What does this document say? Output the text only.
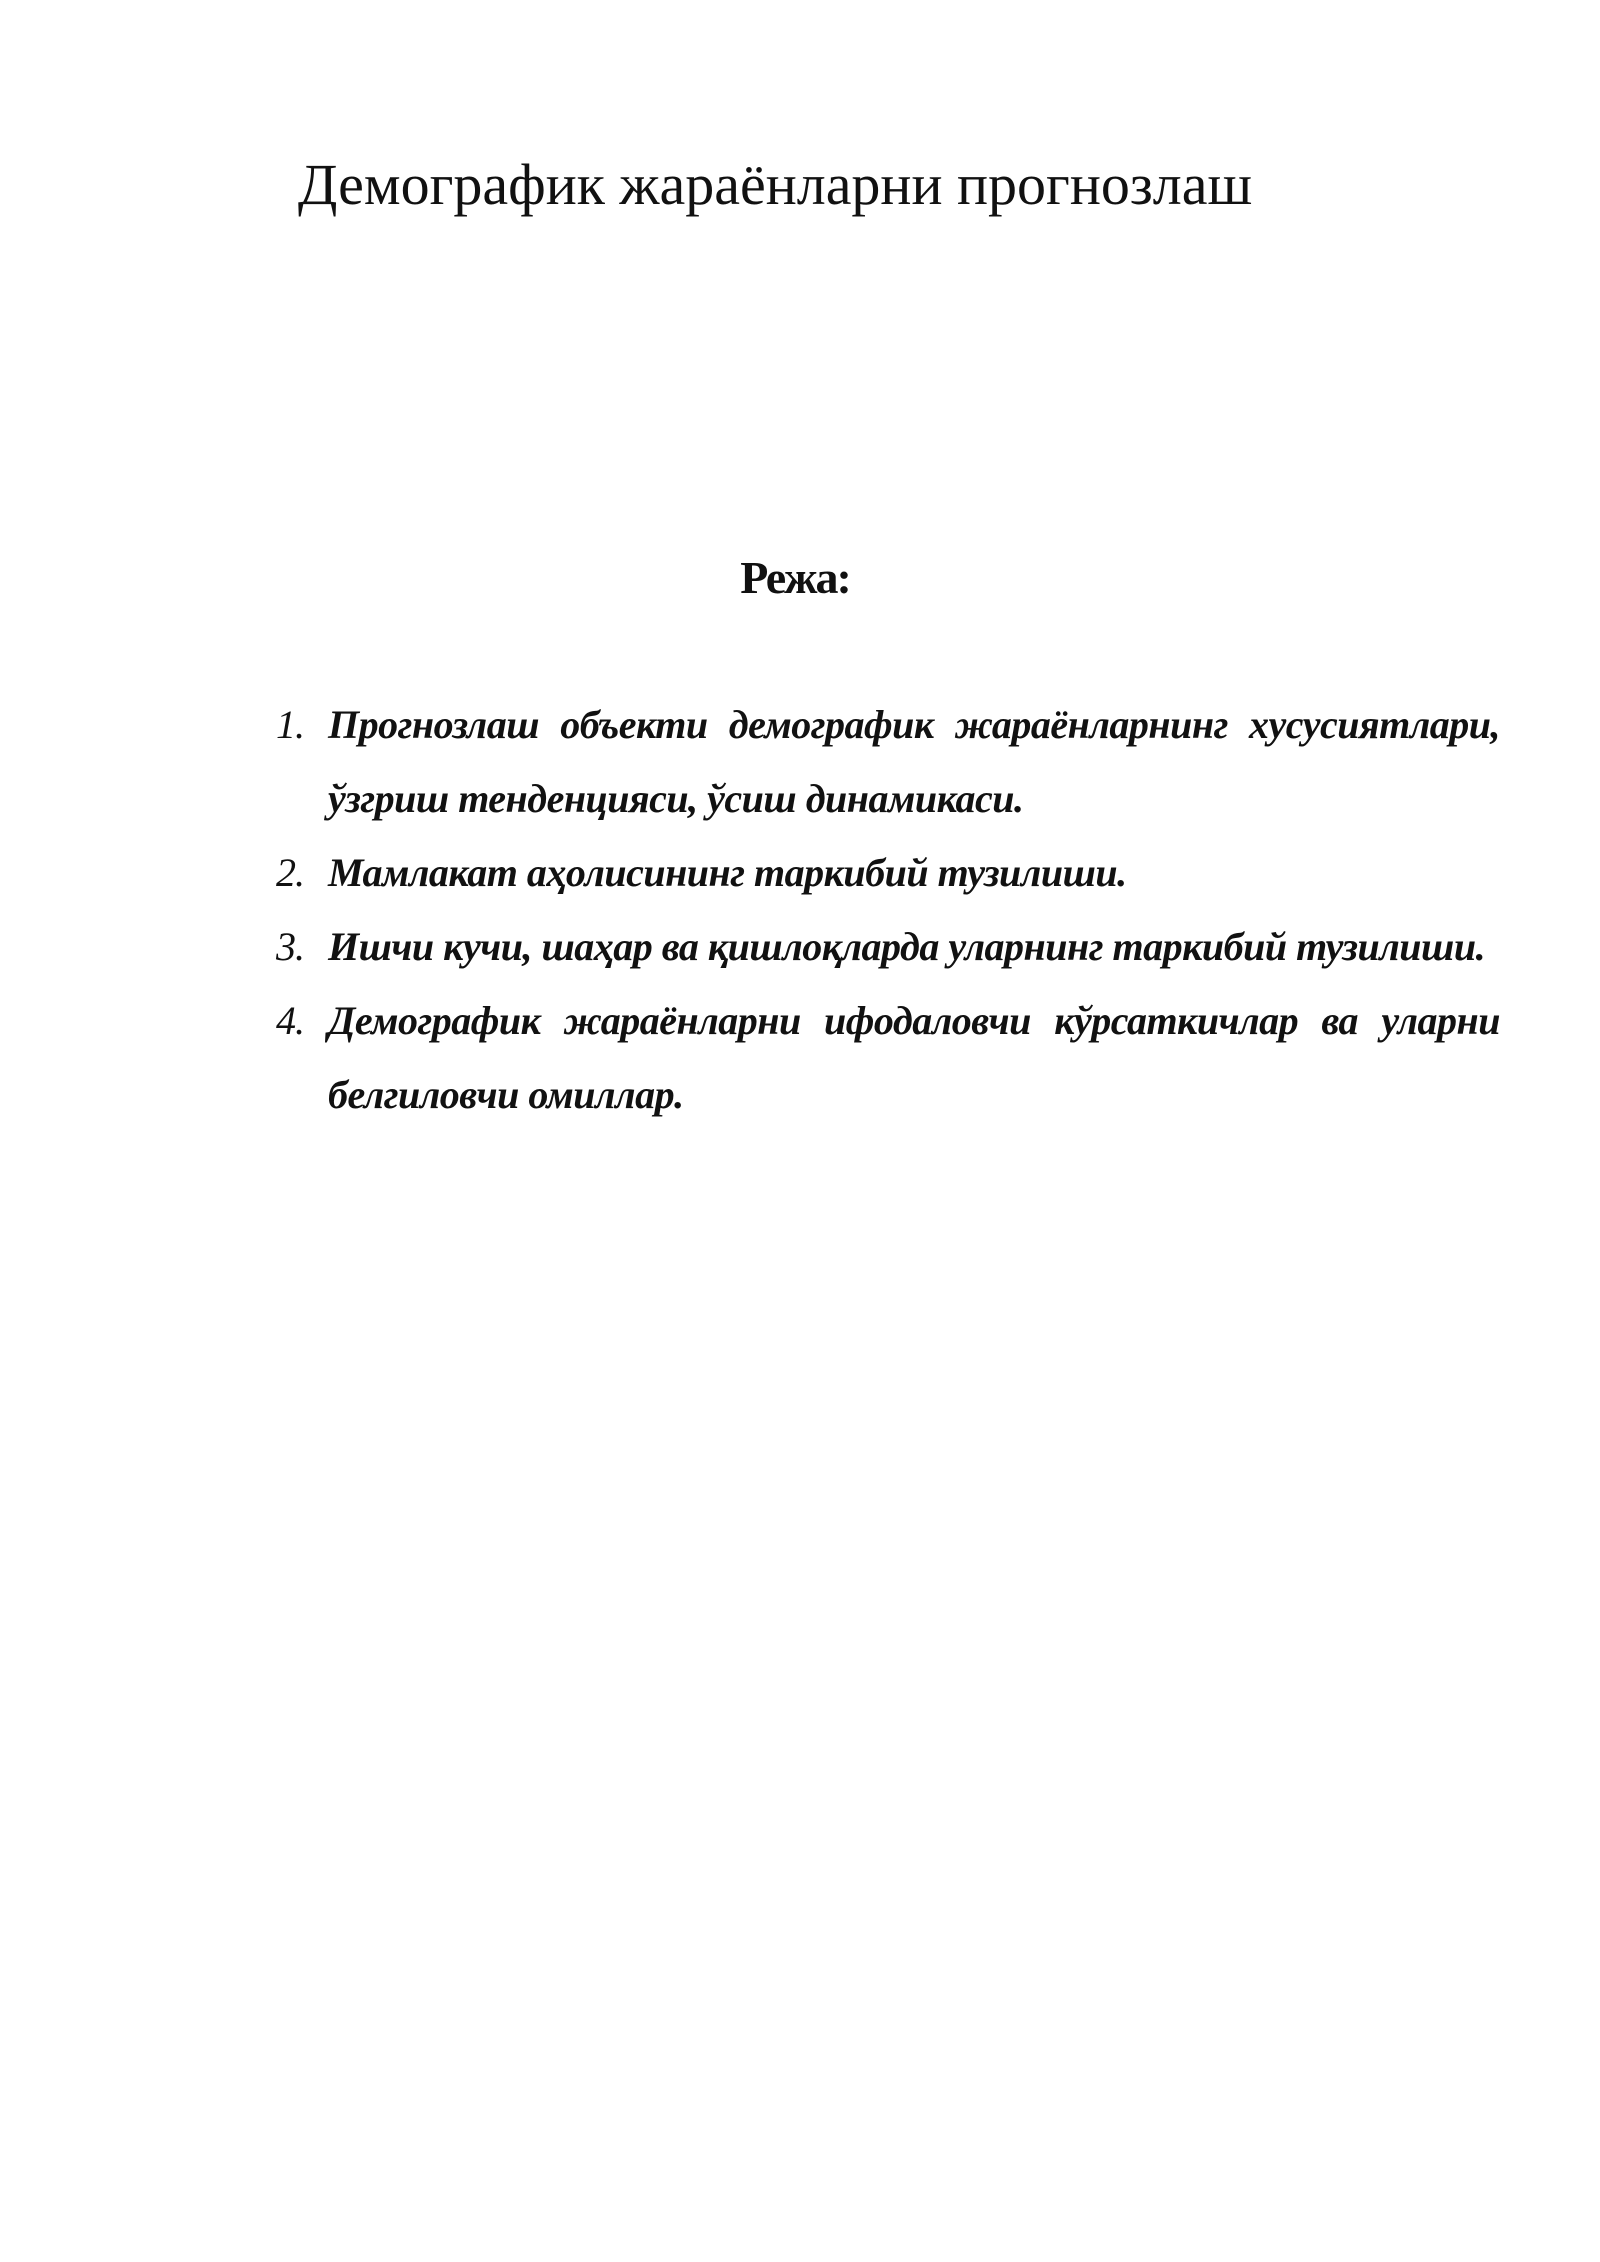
Демографик жараёнларни прогнозлаш
Режа:
1. Прогнозлаш объекти демографик жараёнларнинг хусусиятлари, ўзгриш тенденцияси, ўсиш динамикаси.
2. Мамлакат аҳолисининг таркибий тузилиши.
3. Ишчи кучи, шаҳар ва қишлоқларда уларнинг таркибий тузилиши.
4. Демографик жараёнларни ифодаловчи кўрсаткичлар ва уларни белгиловчи омиллар.
